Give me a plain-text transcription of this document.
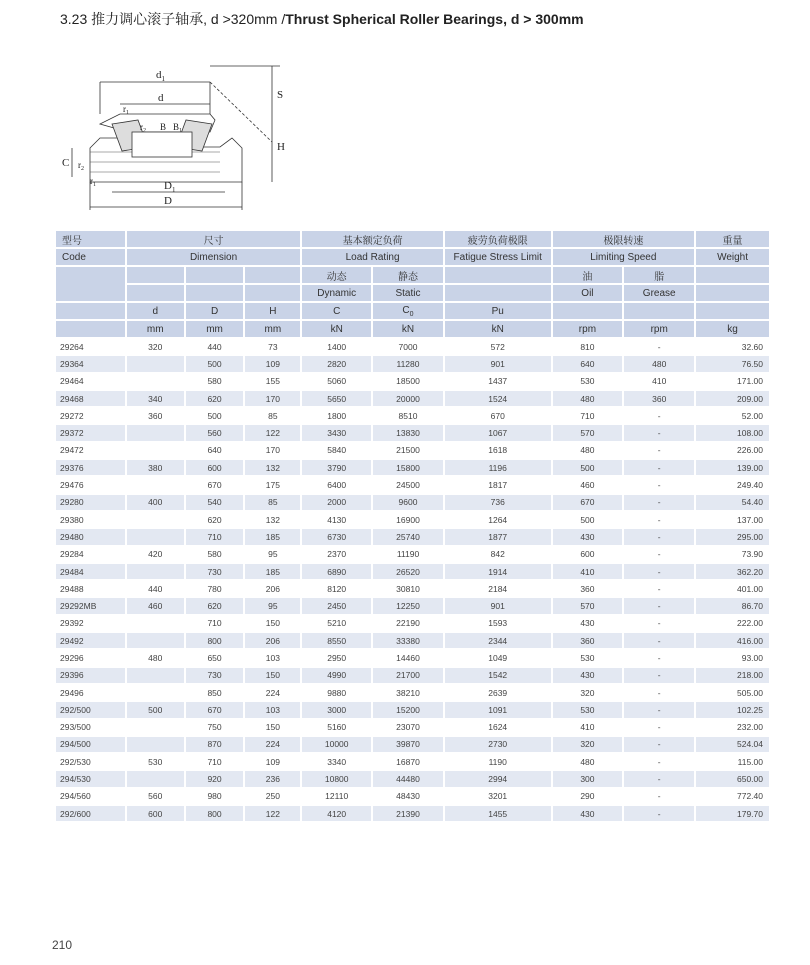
3.23 推力调心滚子轴承, d >320mm /Thrust Spherical Roller Bearings, d > 300mm
$d_1$
d
$r_1$
$r_2$ B $B_1$
S
H
C $r_2$
$r_1$	$D_1$
D
型号	尺寸			基本额定负荷		疲劳负荷极限	极限转速		重量
Code	Dimension			Load Rating		Fatigue Stress Limit	Limiting Speed		Weight
				动态	静态		油	脂	
				Dynamic	Static		Oil	Grease	
	d	D	H	C	$C_0$	Pu			
	mm	mm	mm	kN	kN	kN	rpm	rpm	kg
29264	320	440	73	1400	7000	572	810	-	32.60
29364		500	109	2820	11280	901	640	480	76.50
29464		580	155	5060	18500	1437	530	410	171.00
29468	340	620	170	5650	20000	1524	480	360	209.00
29272	360	500	85	1800	8510	670	710	-	52.00
29372		560	122	3430	13830	1067	570	-	108.00
29472		640	170	5840	21500	1618	480	-	226.00
29376	380	600	132	3790	15800	1196	500	-	139.00
29476		670	175	6400	24500	1817	460	-	249.40
29280	400	540	85	2000	9600	736	670	-	54.40
29380		620	132	4130	16900	1264	500	-	137.00
29480		710	185	6730	25740	1877	430	-	295.00
29284	420	580	95	2370	11190	842	600	-	73.90
29484		730	185	6890	26520	1914	410	-	362.20
29488	440	780	206	8120	30810	2184	360	-	401.00
29292MB	460	620	95	2450	12250	901	570	-	86.70
29392		710	150	5210	22190	1593	430	-	222.00
29492		800	206	8550	33380	2344	360	-	416.00
29296	480	650	103	2950	14460	1049	530	-	93.00
29396		730	150	4990	21700	1542	430	-	218.00
29496		850	224	9880	38210	2639	320	-	505.00
292/500	500	670	103	3000	15200	1091	530	-	102.25
293/500		750	150	5160	23070	1624	410	-	232.00
294/500		870	224	10000	39870	2730	320	-	524.04
292/530	530	710	109	3340	16870	1190	480	-	115.00
294/530		920	236	10800	44480	2994	300	-	650.00
294/560	560	980	250	12110	48430	3201	290	-	772.40
292/600	600	800	122	4120	21390	1455	430	-	179.70
210
